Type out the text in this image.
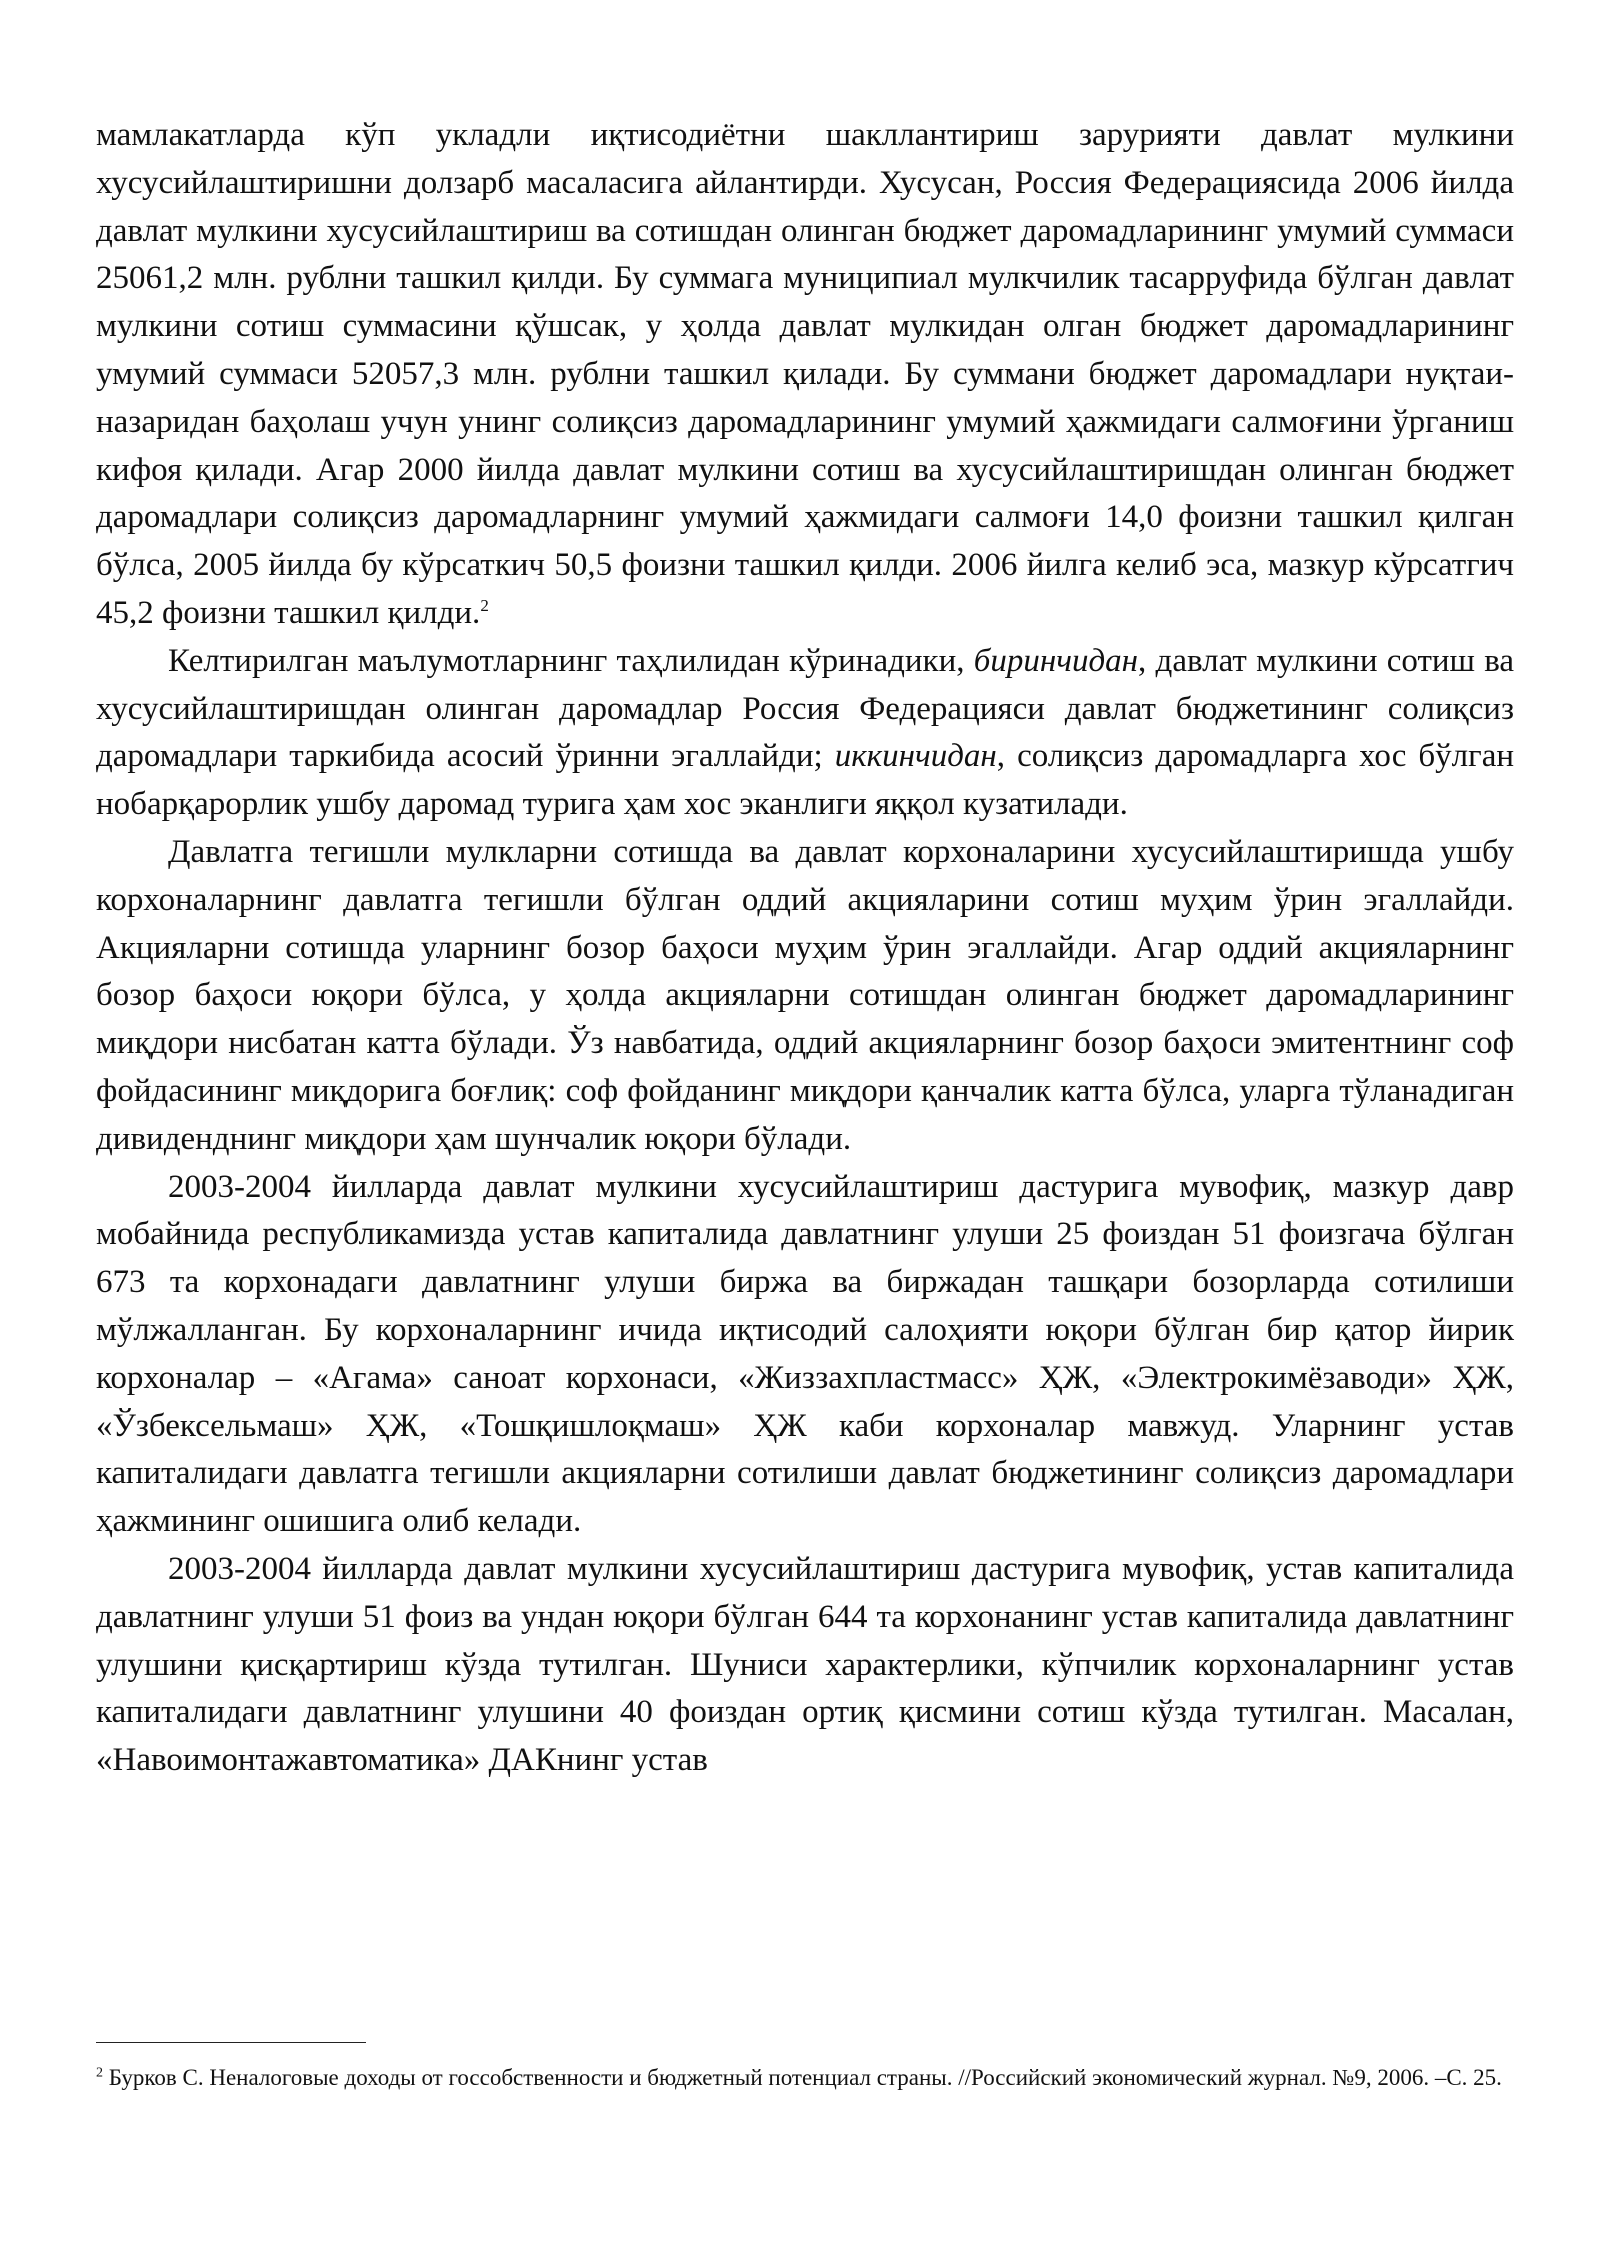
мамлакатларда кўп укладли иқтисодиётни шакллантириш зарурияти давлат мулкини хусусийлаштиришни долзарб масаласига айлантирди. Хусусан, Россия Федерациясида 2006 йилда давлат мулкини хусусийлаштириш ва сотишдан олинган бюджет даромадларининг умумий суммаси 25061,2 млн. рублни ташкил қилди. Бу суммага муниципиал мулкчилик тасарруфида бўлган давлат мулкини сотиш суммасини қўшсак, у ҳолда давлат мулкидан олган бюджет даромадларининг умумий суммаси 52057,3 млн. рублни ташкил қилади. Бу суммани бюджет даромадлари нуқтаи-назаридан баҳолаш учун унинг солиқсиз даромадларининг умумий ҳажмидаги салмоғини ўрганиш кифоя қилади. Агар 2000 йилда давлат мулкини сотиш ва хусусийлаштиришдан олинган бюджет даромадлари солиқсиз даромадларнинг умумий ҳажмидаги салмоғи 14,0 фоизни ташкил қилган бўлса, 2005 йилда бу кўрсаткич 50,5 фоизни ташкил қилди. 2006 йилга келиб эса, мазкур кўрсатгич 45,2 фоизни ташкил қилди.$^2$

Келтирилган маълумотларнинг таҳлилидан кўринадики, биринчидан, давлат мулкини сотиш ва хусусийлаштиришдан олинган даромадлар Россия Федерацияси давлат бюджетининг солиқсиз даромадлари таркибида асосий ўринни эгаллайди; иккинчидан, солиқсиз даромадларга хос бўлган нобарқарорлик ушбу даромад турига ҳам хос эканлиги яққол кузатилади.

Давлатга тегишли мулкларни сотишда ва давлат корхоналарини хусусийлаштиришда ушбу корхоналарнинг давлатга тегишли бўлган оддий акцияларини сотиш муҳим ўрин эгаллайди. Акцияларни сотишда уларнинг бозор баҳоси муҳим ўрин эгаллайди. Агар оддий акцияларнинг бозор баҳоси юқори бўлса, у ҳолда акцияларни сотишдан олинган бюджет даромадларининг миқдори нисбатан катта бўлади. Ўз навбатида, оддий акцияларнинг бозор баҳоси эмитентнинг соф фойдасининг миқдорига боғлиқ: соф фойданинг миқдори қанчалик катта бўлса, уларга тўланадиган дивиденднинг миқдори ҳам шунчалик юқори бўлади.

2003-2004 йилларда давлат мулкини хусусийлаштириш дастурига мувофиқ, мазкур давр мобайнида республикамизда устав капиталида давлатнинг улуши 25 фоиздан 51 фоизгача бўлган 673 та корхонадаги давлатнинг улуши биржа ва биржадан ташқари бозорларда сотилиши мўлжалланган. Бу корхоналарнинг ичида иқтисодий салоҳияти юқори бўлган бир қатор йирик корхоналар – «Агама» саноат корхонаси, «Жиззахпластмасс» ҲЖ, «Электрокимёзаводи» ҲЖ, «Ўзбексельмаш» ҲЖ, «Тошқишлоқмаш» ҲЖ каби корхоналар мавжуд. Уларнинг устав капиталидаги давлатга тегишли акцияларни сотилиши давлат бюджетининг солиқсиз даромадлари ҳажмининг ошишига олиб келади.

2003-2004 йилларда давлат мулкини хусусийлаштириш дастурига мувофиқ, устав капиталида давлатнинг улуши 51 фоиз ва ундан юқори бўлган 644 та корхонанинг устав капиталида давлатнинг улушини қисқартириш кўзда тутилган. Шуниси характерлики, кўпчилик корхоналарнинг устав капиталидаги давлатнинг улушини 40 фоиздан ортиқ қисмини сотиш кўзда тутилган. Масалан, «Навоимонтажавтоматика» ДАКнинг устав

$^2$ Бурков С. Неналоговые доходы от госсобственности и бюджетный потенциал страны. //Российский экономический журнал. №9, 2006. –С. 25.
